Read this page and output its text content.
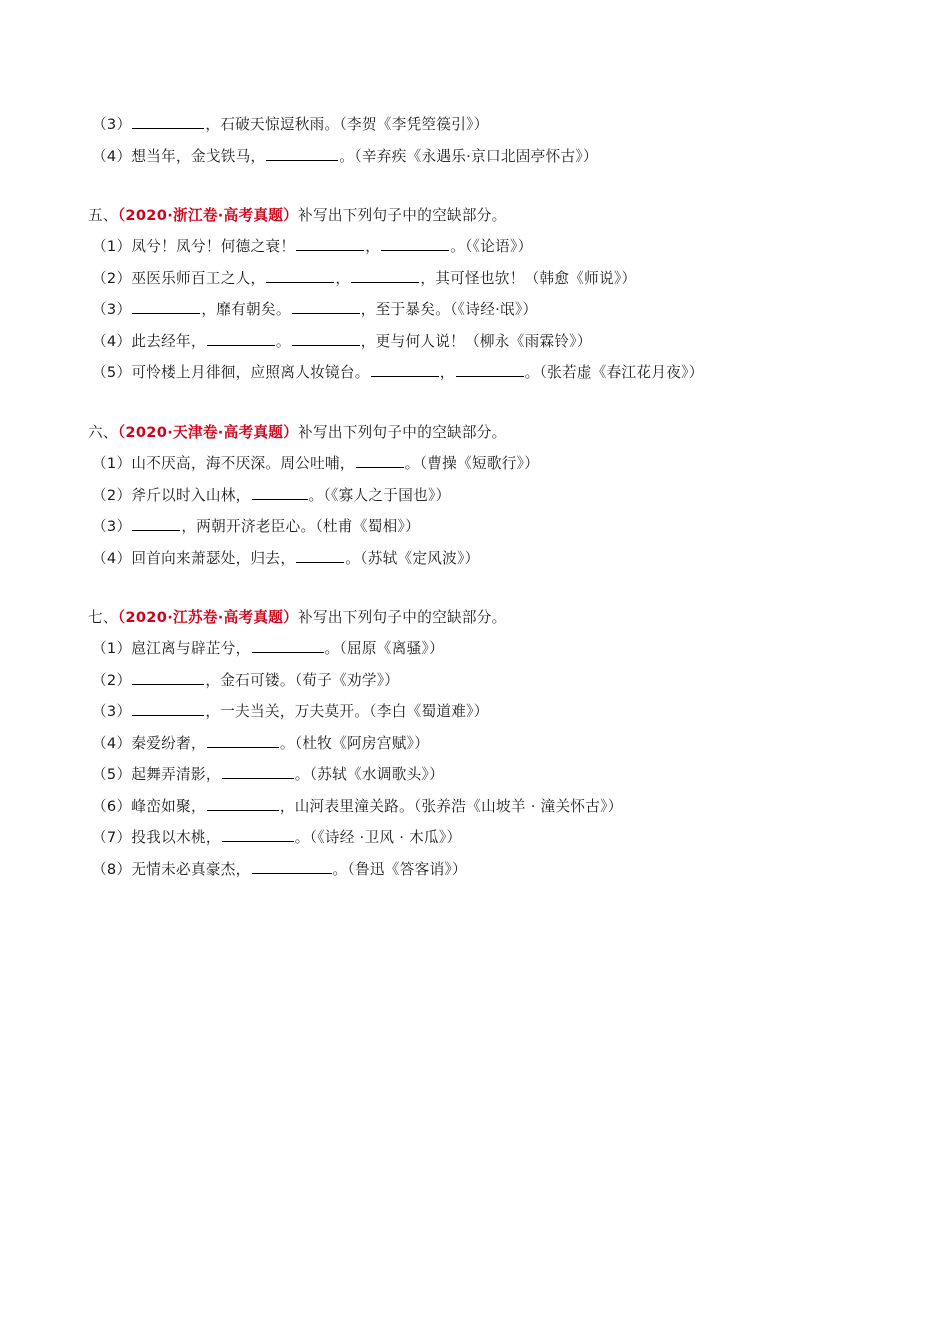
（3）	，石破天惊逗秋雨。（李贺《李凭箜篌引》）
（4）想当年，金戈铁马，	。（辛弃疾《永遇乐·京口北固亭怀古》）
五、（2020·浙江卷·高考真题）补写出下列句子中的空缺部分。
（1）凤兮！凤兮！何德之衰！	，	。（《论语》）
（2）巫医乐师百工之人，	，	，其可怪也欤！（韩愈《师说》）
（3）	，靡有朝矣。	，至于暴矣。（《诗经·氓》）
（4）此去经年，	。	，更与何人说！（柳永《雨霖铃》）
（5）可怜楼上月徘徊，应照离人妆镜台。	，	。（张若虚《春江花月夜》）
六、（2020·天津卷·高考真题）补写出下列句子中的空缺部分。
（1）山不厌高，海不厌深。周公吐哺，	。（曹操《短歌行》）
（2）斧斤以时入山林，	。（《寡人之于国也》）
（3）	，两朝开济老臣心。（杜甫《蜀相》）
（4）回首向来萧瑟处，归去，	。（苏轼《定风波》）
七、（2020·江苏卷·高考真题）补写出下列句子中的空缺部分。
（1）扈江离与辟芷兮，	。（屈原《离骚》）
（2）	，金石可镂。（荀子《劝学》）
（3）	，一夫当关，万夫莫开。（李白《蜀道难》）
（4）秦爱纷奢，	。（杜牧《阿房宫赋》）
（5）起舞弄清影，	。（苏轼《水调歌头》）
（6）峰峦如聚，	，山河表里潼关路。（张养浩《山坡羊 · 潼关怀古》）
（7）投我以木桃，	。（《诗经 ·卫风 · 木瓜》）
（8）无情未必真豪杰，	。（鲁迅《答客诮》）
